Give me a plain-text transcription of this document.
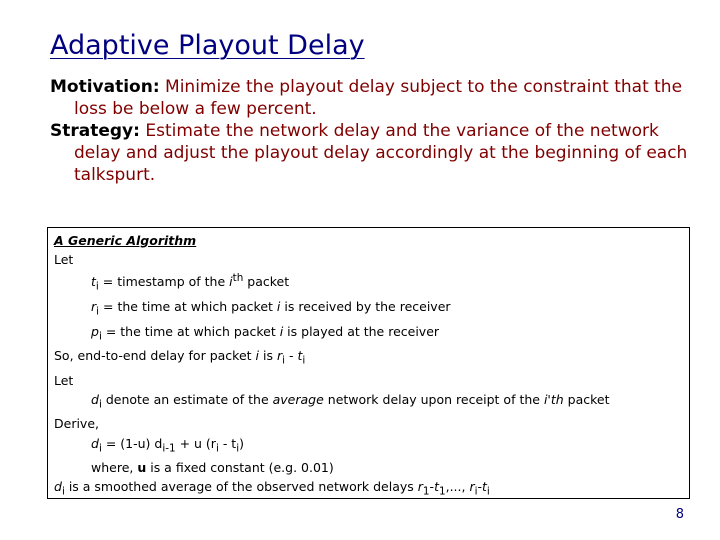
Adaptive Playout Delay

Motivation: Minimize the playout delay subject to the constraint that the loss be below a few percent.

Strategy: Estimate the network delay and the variance of the network delay and adjust the playout delay accordingly at the beginning of each talkspurt.

A Generic Algorithm
Let
$t_i$ = timestamp of the $i^{th}$ packet
$r_i$ = the time at which packet i is received by the receiver
$p_i$ = the time at which packet i is played at the receiver
So, end-to-end delay for packet i is $r_i - t_i$
Let
$d_i$ denote an estimate of the average network delay upon receipt of the i'th packet
Derive,
$d_i = (1-u) d_{i-1} + u$ $(r_i - t_i)$
where, u is a fixed constant (e.g. 0.01)
$d_i$ is a smoothed average of the observed network delays $r_1-t_1$,..., $r_i-t_i$
8
